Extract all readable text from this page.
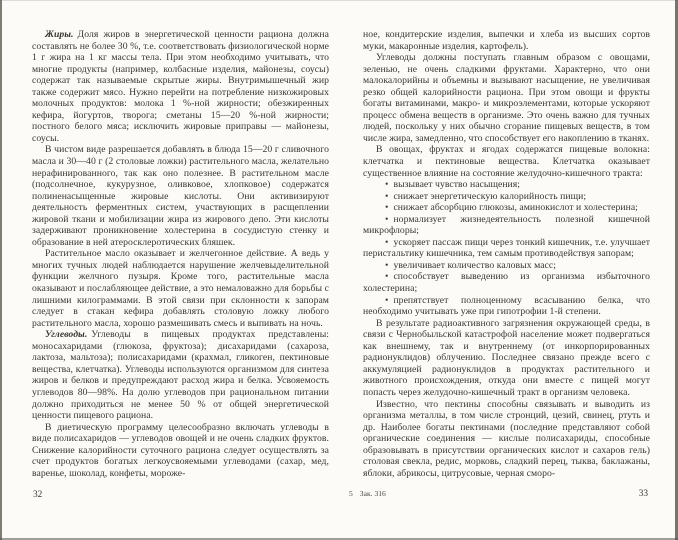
Жиры. Доля жиров в энергетической ценности рациона должна составлять не более 30 %, т.е. соответствовать физиологической норме 1 г жира на 1 кг массы тела. При этом необходимо учитывать, что многие продукты (например, колбасные изделия, майонезы, соусы) содержат так называемые скрытые жиры. Внутримышечный жир также содержит мясо. Нужно перейти на потребление низкожировых молочных продуктов: молока 1 %-ной жирности; обезжиренных кефира, йогуртов, творога; сметаны 15—20 %-ной жирности; постного белого мяса; исключить жировые приправы — майонезы, соусы.

В чистом виде разрешается добавлять в блюда 15—20 г сливочного масла и 30—40 г (2 столовые ложки) растительного масла, желательно нерафинированного, так как оно полезнее. В растительном масле (подсолнечное, кукурузное, оливковое, хлопковое) содержатся полиненасыщенные жировые кислоты. Они активизируют деятельность ферментных систем, участвующих в расщеплении жировой ткани и мобилизации жира из жирового депо. Эти кислоты задерживают проникновение холестерина в сосудистую стенку и образование в ней атеросклеротических бляшек.

Растительное масло оказывает и желчегонное действие. А ведь у многих тучных людей наблюдается нарушение желчевыделительной функции желчного пузыря. Кроме того, растительные масла оказывают и послабляющее действие, а это немаловажно для борьбы с лишними килограммами. В этой связи при склонности к запорам следует в стакан кефира добавлять столовую ложку любого растительного масла, хорошо размешивать смесь и выпивать на ночь.

Углеводы. Углеводы в пищевых продуктах представлены: моносахаридами (глюкоза, фруктоза); дисахаридами (сахароза, лактоза, мальтоза); полисахаридами (крахмал, гликоген, пектиновые вещества, клетчатка). Углеводы используются организмом для синтеза жиров и белков и предупреждают расход жира и белка. Усвояемость углеводов 80—98%. На долю углеводов при рациональном питании должно приходиться не менее 50 % от общей энергетической ценности пищевого рациона.

В диетическую программу целесообразно включать углеводы в виде полисахаридов — углеводов овощей и не очень сладких фруктов. Снижение калорийности суточного рациона следует осуществлять за счет продуктов богатых легкоусвояемыми углеводами (сахар, мед, варенье, шоколад, конфеты, мороже-

32

ное, кондитерские изделия, выпечки и хлеба из высших сортов муки, макаронные изделия, картофель).

Углеводы должны поступать главным образом с овощами, зеленью, не очень сладкими фруктами. Характерно, что они малокалорийны и объемны и вызывают насыщение, не увеличивая резко общей калорийности рациона. При этом овощи и фрукты богаты витаминами, макро- и микроэлементами, которые ускоряют процесс обмена веществ в организме. Это очень важно для тучных людей, поскольку у них обычно сгорание пищевых веществ, в том числе жира, замедленно, что способствует его накоплению в тканях.

В овощах, фруктах и ягодах содержатся пищевые волокна: клетчатка и пектиновые вещества. Клетчатка оказывает существенное влияние на состояние желудочно-кишечного тракта:

• вызывает чувство насыщения;

• снижает энергетическую калорийность пищи;

• снижает абсорбцию глюкозы, аминокислот и холестерина;

• нормализует жизнедеятельность полезной кишечной микрофлоры;

• ускоряет пассаж пищи через тонкий кишечник, т.е. улучшает перистальтику кишечника, тем самым противодействуя запорам;

• увеличивает количество каловых масс;

• способствует выведению из организма избыточного холестерина;

• препятствует полноценному всасыванию белка, что необходимо учитывать уже при гипотрофии 1-й степени.

В результате радиоактивного загрязнения окружающей среды, в связи с Чернобыльской катастрофой население может подвергаться как внешнему, так и внутреннему (от инкорпорированных радионуклидов) облучению. Последнее связано прежде всего с аккумуляцией радионуклидов в продуктах растительного и животного происхождения, откуда они вместе с пищей могут попасть через желудочно-кишечный тракт в организм человека.

Известно, что пектины способны связывать и выводить из организма металлы, в том числе стронций, цезий, свинец, ртуть и др. Наиболее богаты пектинами (последние представляют собой органические соединения — кислые полисахариды, способные образовывать в присутствии органических кислот и сахаров гель) столовая свекла, редис, морковь, сладкий перец, тыква, баклажаны, яблоки, абрикосы, цитрусовые, черная сморо-

5 Зак. 316	33
